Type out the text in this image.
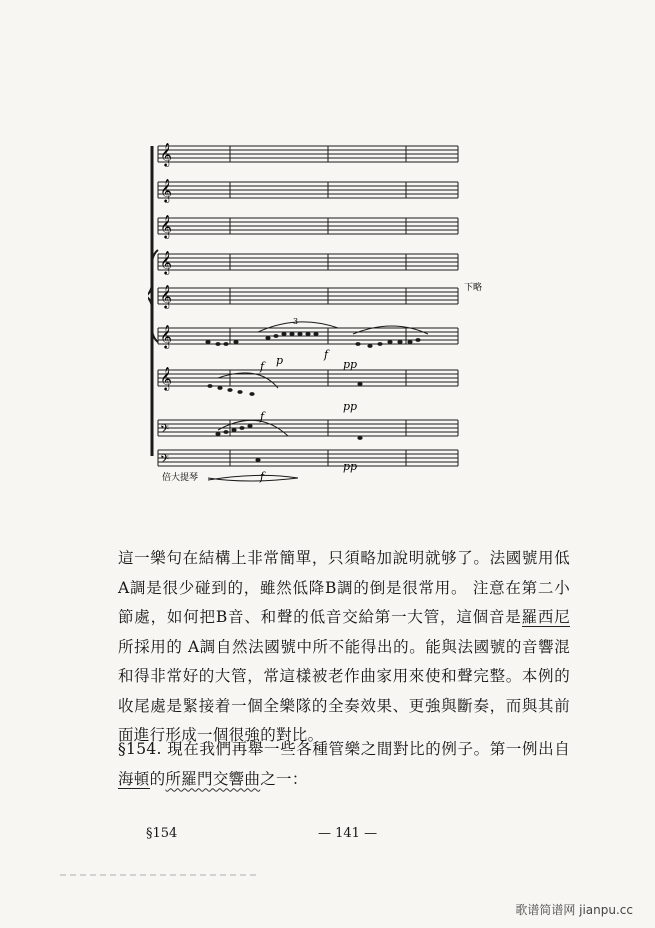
𝄞
𝄞
𝄞
𝄞
𝄞
𝄞
𝄞
𝄢
𝄢
f p	f
pp
pp
f
pp
f
3
下略
倍大提琴

這一樂句在結構上非常簡單，只須略加說明就够了。法國號用低A調是很少碰到的，雖然低降B調的倒是很常用。 注意在第二小節處，如何把B音、和聲的低音交給第一大管，這個音是羅西尼所採用的 A調自然法國號中所不能得出的。能與法國號的音響混和得非常好的大管，常這樣被老作曲家用來使和聲完整。本例的收尾處是緊接着一個全樂隊的全奏效果、更強與斷奏，而與其前面進行形成一個很強的對比。

§154. 現在我們再舉一些各種管樂之間對比的例子。第一例出自海頓的所羅門交響曲之一：

§154	— 141 —
歌谱简谱网 jianpu.cc
